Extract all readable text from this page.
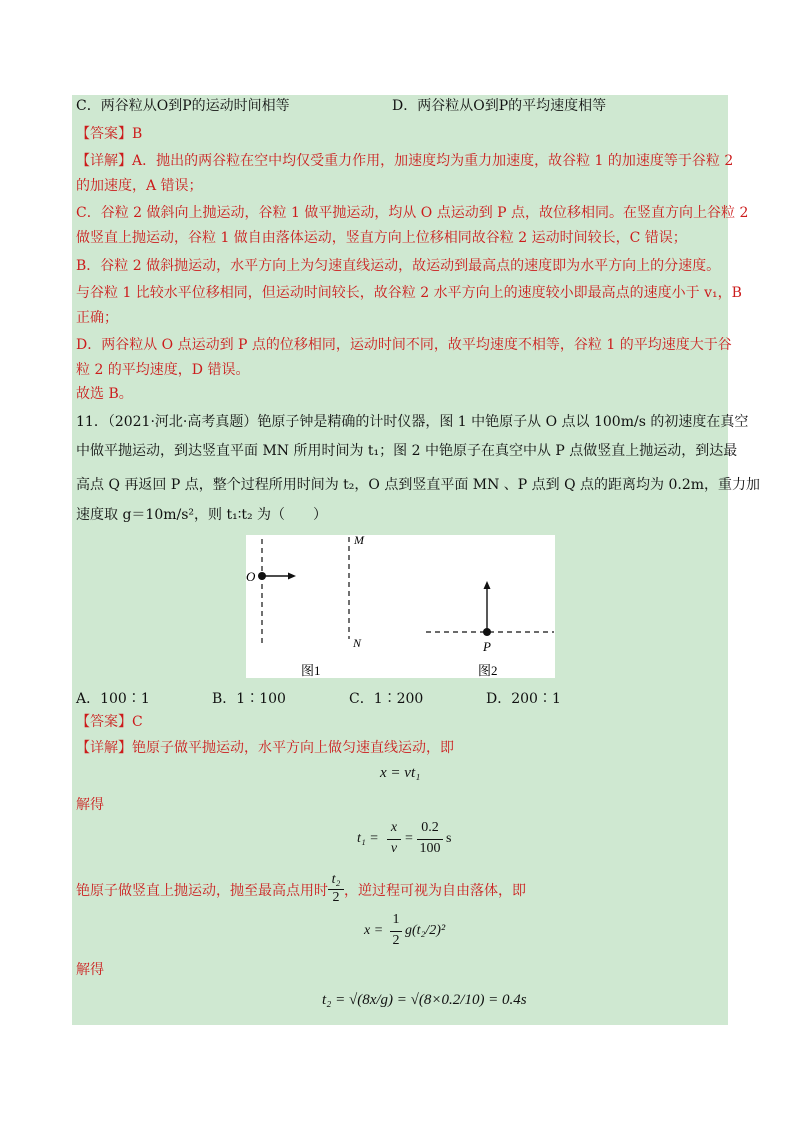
C．两谷粒从O到P的运动时间相等	D．两谷粒从O到P的平均速度相等
【答案】B
【详解】A．抛出的两谷粒在空中均仅受重力作用，加速度均为重力加速度，故谷粒 1 的加速度等于谷粒 2
的加速度，A 错误；
C．谷粒 2 做斜向上抛运动，谷粒 1 做平抛运动，均从 O 点运动到 P 点，故位移相同。在竖直方向上谷粒 2
做竖直上抛运动，谷粒 1 做自由落体运动，竖直方向上位移相同故谷粒 2 运动时间较长，C 错误；
B．谷粒 2 做斜抛运动，水平方向上为匀速直线运动，故运动到最高点的速度即为水平方向上的分速度。
与谷粒 1 比较水平位移相同，但运动时间较长，故谷粒 2 水平方向上的速度较小即最高点的速度小于 v₁，B
正确；
D．两谷粒从 O 点运动到 P 点的位移相同，运动时间不同，故平均速度不相等，谷粒 1 的平均速度大于谷
粒 2 的平均速度，D 错误。
故选 B。
11．（2021·河北·高考真题）铯原子钟是精确的计时仪器，图 1 中铯原子从 O 点以 100m/s 的初速度在真空
中做平抛运动，到达竖直平面 MN 所用时间为 t₁；图 2 中铯原子在真空中从 P 点做竖直上抛运动，到达最
高点 Q 再返回 P 点，整个过程所用时间为 t₂，O 点到竖直平面 MN 、P 点到 Q 点的距离均为 0.2m，重力加
速度取 g＝10m/s²，则 t₁∶t₂ 为（　　）
O
M
N
图1
P
图2
A．100∶1	B．1∶100	C．1∶200	D．200∶1
【答案】C
【详解】铯原子做平抛运动，水平方向上做匀速直线运动，即
x = vt₁
解得
t₁ =
x
v
=
0.2
100
s
铯原子做竖直上抛运动，抛至最高点用时
t₂
2 ，逆过程可视为自由落体，即
x =
1
2
g(t₂/2)²
解得
t₂ = √(8x/g) = √(8×0.2/10) = 0.4s
